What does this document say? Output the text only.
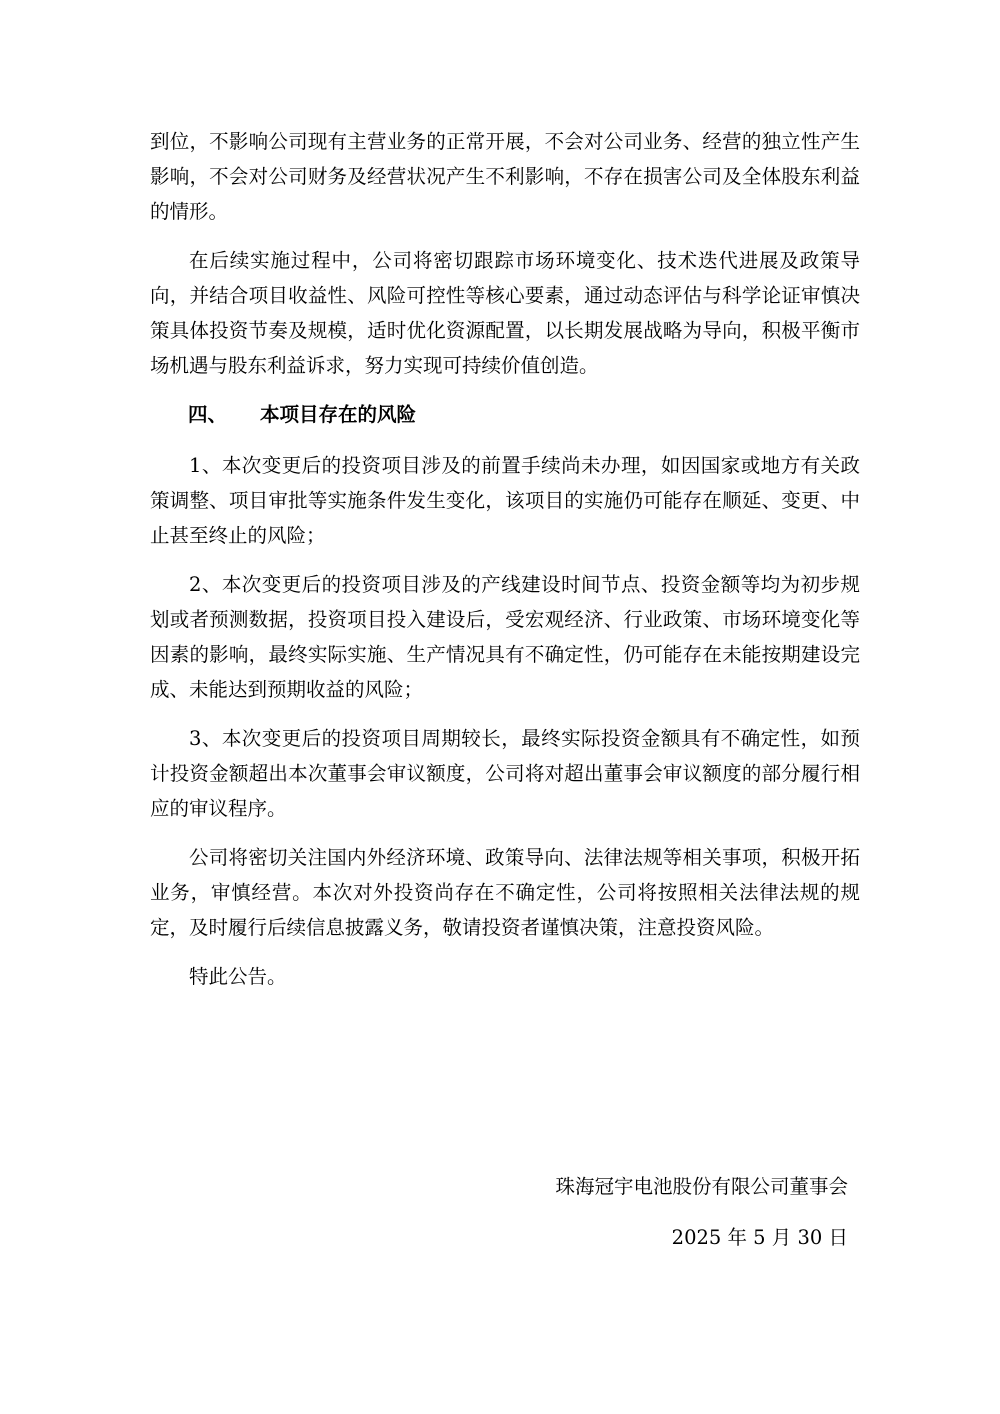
到位，不影响公司现有主营业务的正常开展，不会对公司业务、经营的独立性产生影响，不会对公司财务及经营状况产生不利影响，不存在损害公司及全体股东利益的情形。

在后续实施过程中，公司将密切跟踪市场环境变化、技术迭代进展及政策导向，并结合项目收益性、风险可控性等核心要素，通过动态评估与科学论证审慎决策具体投资节奏及规模，适时优化资源配置，以长期发展战略为导向，积极平衡市场机遇与股东利益诉求，努力实现可持续价值创造。

四、 本项目存在的风险

1、本次变更后的投资项目涉及的前置手续尚未办理，如因国家或地方有关政策调整、项目审批等实施条件发生变化，该项目的实施仍可能存在顺延、变更、中止甚至终止的风险；

2、本次变更后的投资项目涉及的产线建设时间节点、投资金额等均为初步规划或者预测数据，投资项目投入建设后，受宏观经济、行业政策、市场环境变化等因素的影响，最终实际实施、生产情况具有不确定性，仍可能存在未能按期建设完成、未能达到预期收益的风险；

3、本次变更后的投资项目周期较长，最终实际投资金额具有不确定性，如预计投资金额超出本次董事会审议额度，公司将对超出董事会审议额度的部分履行相应的审议程序。

公司将密切关注国内外经济环境、政策导向、法律法规等相关事项，积极开拓业务，审慎经营。本次对外投资尚存在不确定性，公司将按照相关法律法规的规定，及时履行后续信息披露义务，敬请投资者谨慎决策，注意投资风险。

特此公告。

珠海冠宇电池股份有限公司董事会
2025 年 5 月 30 日
